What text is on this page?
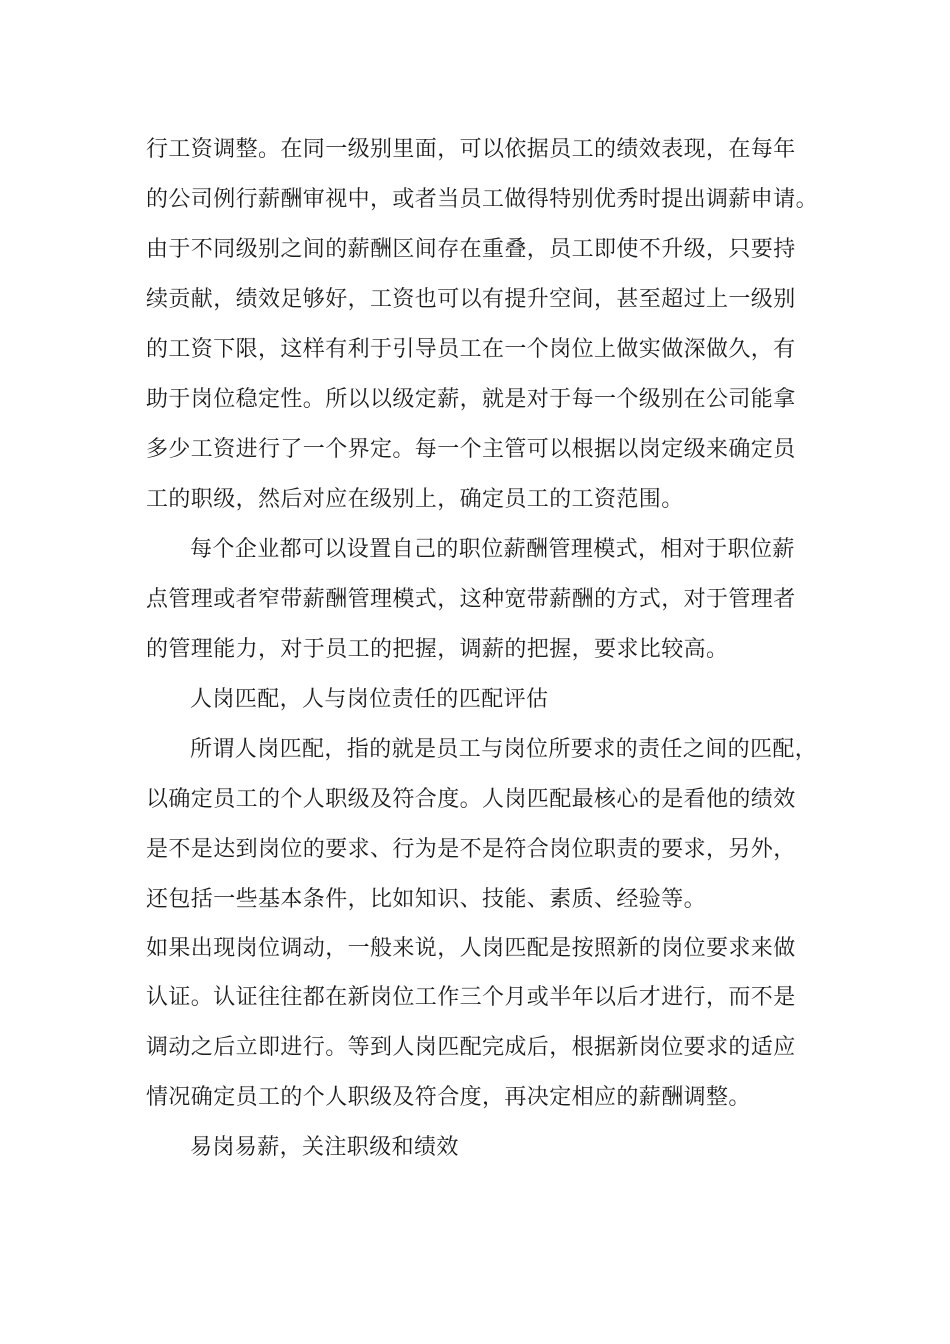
行工资调整。在同一级别里面，可以依据员工的绩效表现，在每年
的公司例行薪酬审视中，或者当员工做得特别优秀时提出调薪申请。
由于不同级别之间的薪酬区间存在重叠，员工即使不升级，只要持
续贡献，绩效足够好，工资也可以有提升空间，甚至超过上一级别
的工资下限，这样有利于引导员工在一个岗位上做实做深做久，有
助于岗位稳定性。所以以级定薪，就是对于每一个级别在公司能拿
多少工资进行了一个界定。每一个主管可以根据以岗定级来确定员
工的职级，然后对应在级别上，确定员工的工资范围。
每个企业都可以设置自己的职位薪酬管理模式，相对于职位薪
点管理或者窄带薪酬管理模式，这种宽带薪酬的方式，对于管理者
的管理能力，对于员工的把握，调薪的把握，要求比较高。
人岗匹配，人与岗位责任的匹配评估
所谓人岗匹配，指的就是员工与岗位所要求的责任之间的匹配，
以确定员工的个人职级及符合度。人岗匹配最核心的是看他的绩效
是不是达到岗位的要求、行为是不是符合岗位职责的要求，另外，
还包括一些基本条件，比如知识、技能、素质、经验等。
如果出现岗位调动，一般来说，人岗匹配是按照新的岗位要求来做
认证。认证往往都在新岗位工作三个月或半年以后才进行，而不是
调动之后立即进行。等到人岗匹配完成后，根据新岗位要求的适应
情况确定员工的个人职级及符合度，再决定相应的薪酬调整。
易岗易薪，关注职级和绩效
